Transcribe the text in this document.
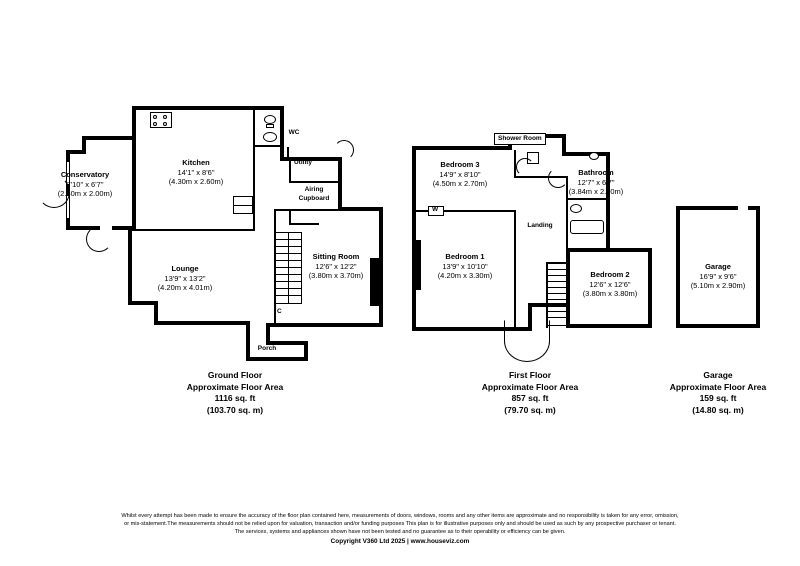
Kitchen
14'1" x 8'6"
(4.30m x 2.60m)
Conservatory
7'10" x 6'7"
(2.40m x 2.00m)
Lounge
13'9" x 13'2"
(4.20m x 4.01m)
Sitting Room
12'6" x 12'2"
(3.80m x 3.70m)
WC
Utility
Airing
Cupboard
Porch
C
Ground Floor
Approximate Floor Area
1116 sq. ft
(103.70 sq. m)
W
Shower Room
Bedroom 3
14'9" x 8'10"
(4.50m x 2.70m)
Bedroom 1
13'9" x 10'10"
(4.20m x 3.30m)	Bedroom 2
12'6" x 12'6"
(3.80m x 3.80m)
Bathroom
12'7" x 6'7"
(3.84m x 2.00m)
Landing
First Floor
Approximate Floor Area
857 sq. ft
(79.70 sq. m)
Garage
16'9" x 9'6"
(5.10m x 2.90m)
Garage
Approximate Floor Area
159 sq. ft
(14.80 sq. m)
Whilst every attempt has been made to ensure the accuracy of the floor plan contained here, measurements of doors, windows, rooms and any other items are approximate and no responsibility is taken for any error, omission,
or mis-statement.The measurements should not be relied upon for valuation, transaction and/or funding purposes This plan is for illustrative purposes only and should be used as such by any prospective purchaser or tenant.
The services, systems and appliances shown have not been tested and no guarantee as to their operability or efficiency can be given.
Copyright V360 Ltd 2025 | www.houseviz.com
